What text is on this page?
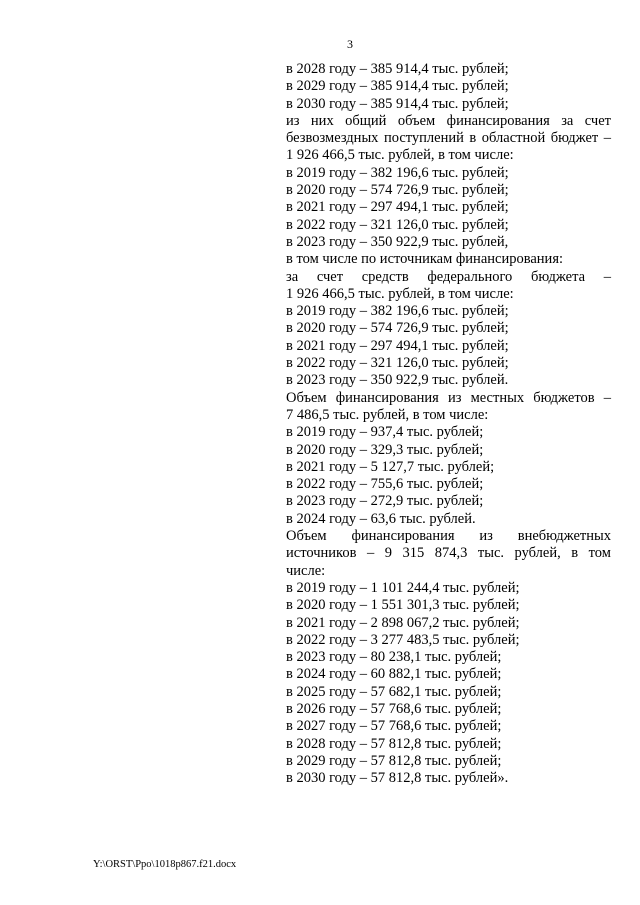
3
в 2028 году – 385 914,4 тыс. рублей;
в 2029 году – 385 914,4 тыс. рублей;
в 2030 году – 385 914,4 тыс. рублей;
из них общий объем финансирования за счет
безвозмездных поступлений в областной бюджет –
1 926 466,5 тыс. рублей, в том числе:
в 2019 году – 382 196,6 тыс. рублей;
в 2020 году – 574 726,9 тыс. рублей;
в 2021 году – 297 494,1 тыс. рублей;
в 2022 году – 321 126,0 тыс. рублей;
в 2023 году – 350 922,9 тыс. рублей,
в том числе по источникам финансирования:
за счет средств федерального бюджета –
1 926 466,5 тыс. рублей, в том числе:
в 2019 году – 382 196,6 тыс. рублей;
в 2020 году – 574 726,9 тыс. рублей;
в 2021 году – 297 494,1 тыс. рублей;
в 2022 году – 321 126,0 тыс. рублей;
в 2023 году – 350 922,9 тыс. рублей.
Объем финансирования из местных бюджетов –
7 486,5 тыс. рублей, в том числе:
в 2019 году – 937,4 тыс. рублей;
в 2020 году – 329,3 тыс. рублей;
в 2021 году – 5 127,7 тыс. рублей;
в 2022 году – 755,6 тыс. рублей;
в 2023 году – 272,9 тыс. рублей;
в 2024 году – 63,6 тыс. рублей.
Объем финансирования из внебюджетных
источников – 9 315 874,3 тыс. рублей, в том
числе:
в 2019 году – 1 101 244,4 тыс. рублей;
в 2020 году – 1 551 301,3 тыс. рублей;
в 2021 году – 2 898 067,2 тыс. рублей;
в 2022 году – 3 277 483,5 тыс. рублей;
в 2023 году – 80 238,1 тыс. рублей;
в 2024 году – 60 882,1 тыс. рублей;
в 2025 году – 57 682,1 тыс. рублей;
в 2026 году – 57 768,6 тыс. рублей;
в 2027 году – 57 768,6 тыс. рублей;
в 2028 году – 57 812,8 тыс. рублей;
в 2029 году – 57 812,8 тыс. рублей;
в 2030 году – 57 812,8 тыс. рублей».
Y:\ORST\Ppo\1018p867.f21.docx
